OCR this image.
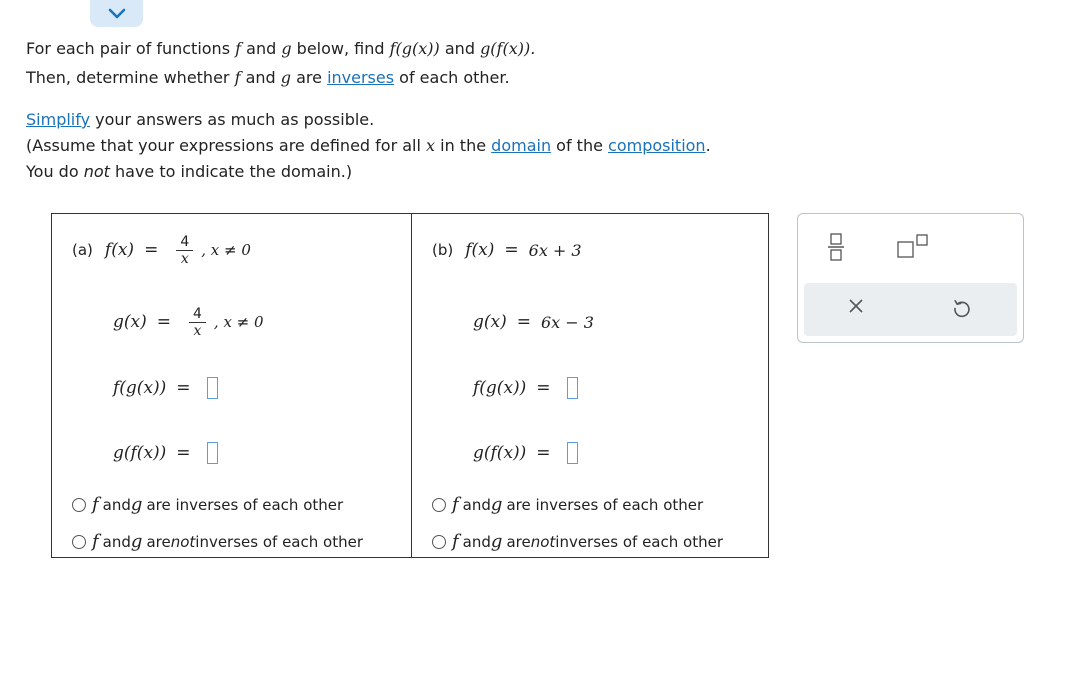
For each pair of functions f and g below, find f(g(x)) and g(f(x)).
Then, determine whether f and g are inverses of each other.
Simplify your answers as much as possible.
(Assume that your expressions are defined for all x in the domain of the composition.
You do not have to indicate the domain.)
(a) $f(x) = \frac{4}{x}$ , x ≠ 0
$g(x) = \frac{4}{x}$ , x ≠ 0
f(g(x)) =
g(f(x)) =
f and g are inverses of each other
f and g are not inverses of each other
(b) f(x) = 6x + 3
g(x) = 6x − 3
f(g(x)) =
g(f(x)) =
f and g are inverses of each other
f and g are not inverses of each other
